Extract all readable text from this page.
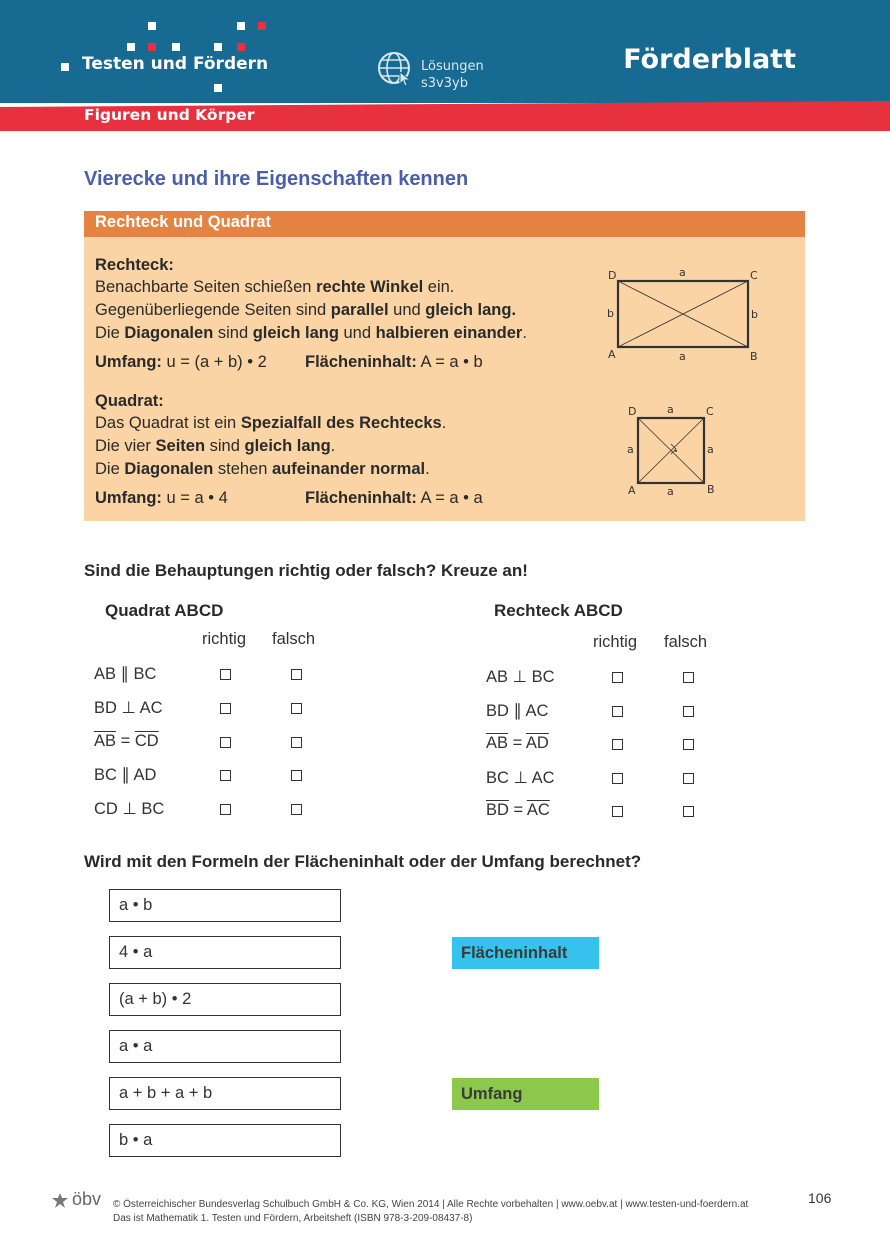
Testen und Fördern	Lösungen
s3v3yb
Förderblatt
Figuren und Körper
Vierecke und ihre Eigenschaften kennen
Rechteck und Quadrat
Rechteck:
Benachbarte Seiten schießen rechte Winkel ein.
Gegenüberliegende Seiten sind parallel und gleich lang.
Die Diagonalen sind gleich lang und halbieren einander.
Umfang: u = (a + b) • 2 Flächeninhalt: A = a • b
Quadrat:
Das Quadrat ist ein Spezialfall des Rechtecks.
Die vier Seiten sind gleich lang.
Die Diagonalen stehen aufeinander normal.
Umfang: u = a • 4	Flächeninhalt: A = a • a
D	C
A	B
a
a
b	b
D	C
A	B
a
a
a	a
Sind die Behauptungen richtig oder falsch? Kreuze an!
Quadrat ABCD
richtig falsch
AB ∥ BC
BD ⊥ AC
$\overline{AB} = \overline{CD}$
BC ∥ AD
CD ⊥ BC
Rechteck ABCD
richtig falsch
AB ⊥ BC
BD ∥ AC
$\overline{AB} = \overline{AD}$
BC ⊥ AC
$\overline{BD} = \overline{AC}$
Wird mit den Formeln der Flächeninhalt oder der Umfang berechnet?
a • b
4 • a
(a + b) • 2
a • a
a + b + a + b
b • a
Flächeninhalt
Umfang
öbv © Österreichischer Bundesverlag Schulbuch GmbH & Co. KG, Wien 2014 | Alle Rechte vorbehalten | www.oebv.at | www.testen-und-foerdern.at
Das ist Mathematik 1. Testen und Fördern, Arbeitsheft (ISBN 978-3-209-08437-8)
106
